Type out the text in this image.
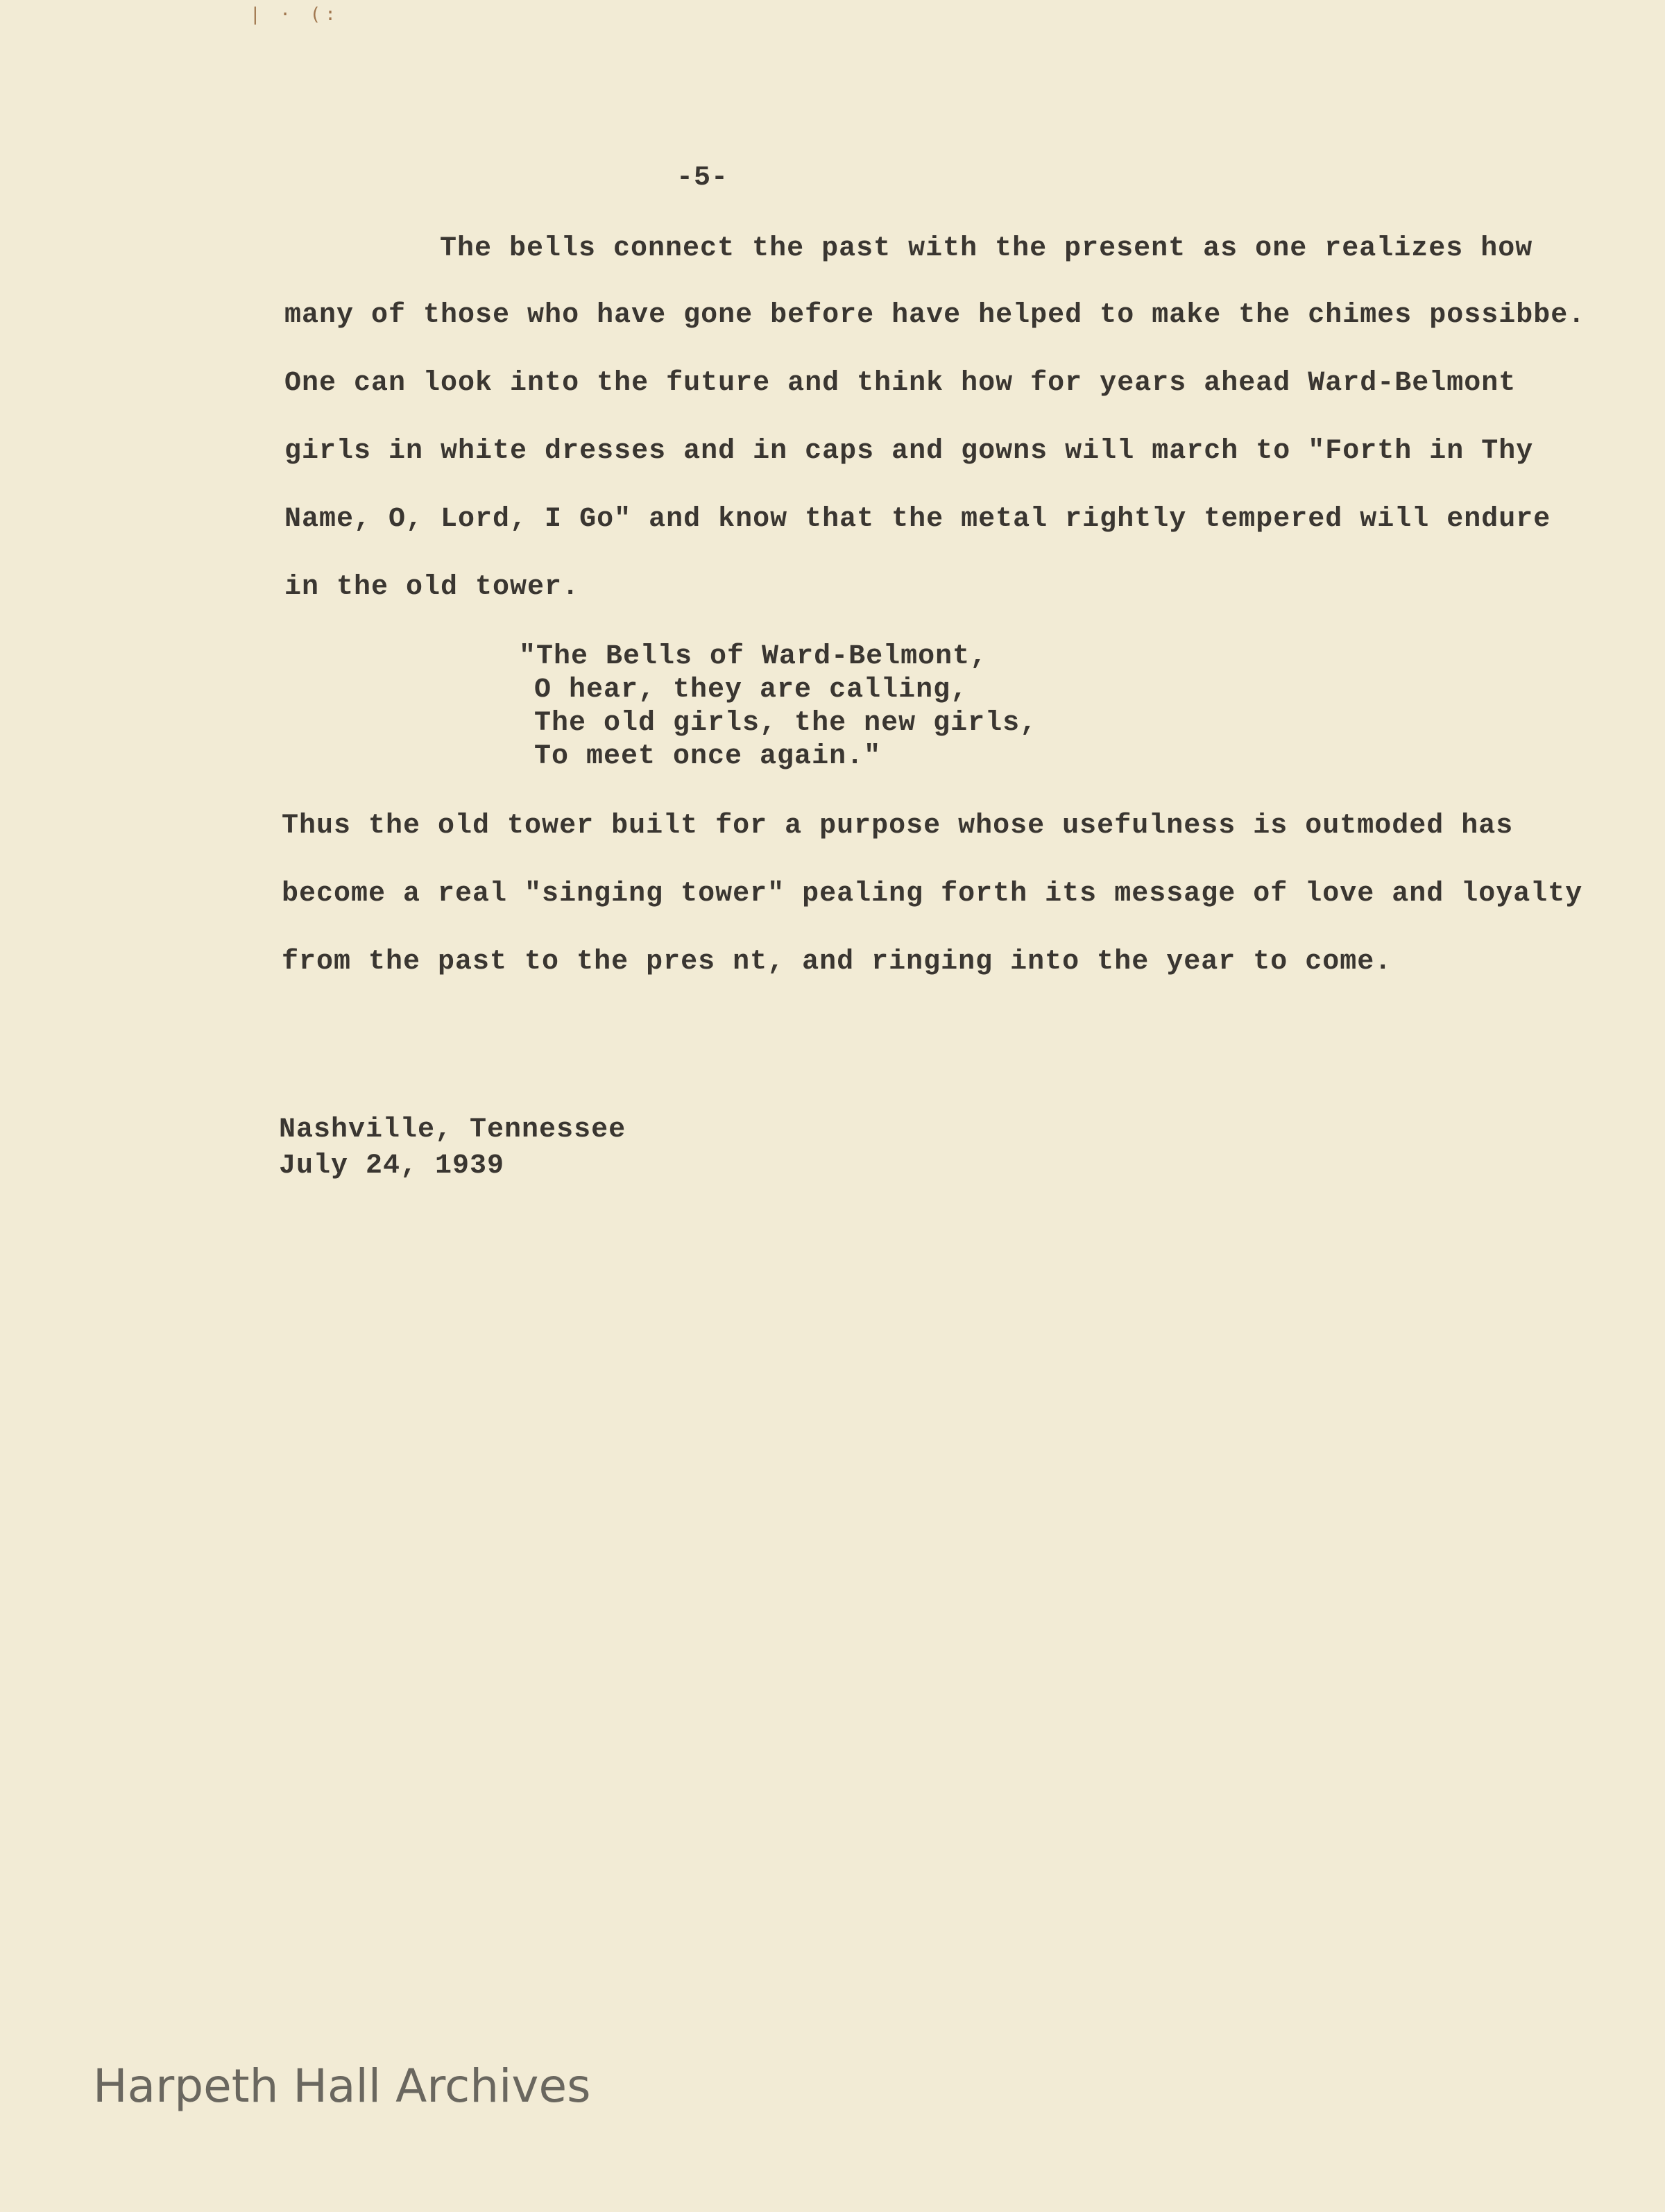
| · (:
-5-
The bells connect the past with the present as one realizes how
many of those who have gone before have helped to make the chimes possibbe.
One can look into the future and think how for years ahead Ward-Belmont
girls in white dresses and in caps and gowns will march to "Forth in Thy
Name, O, Lord, I Go" and know that the metal rightly tempered will endure
in the old tower.
"The Bells of Ward-Belmont,
O hear, they are calling,
The old girls, the new girls,
To meet once again."
Thus the old tower built for a purpose whose usefulness is outmoded has
become a real "singing tower" pealing forth its message of love and loyalty
from the past to the pres nt, and ringing into the year to come.
Nashville, Tennessee
July 24, 1939
Harpeth Hall Archives
